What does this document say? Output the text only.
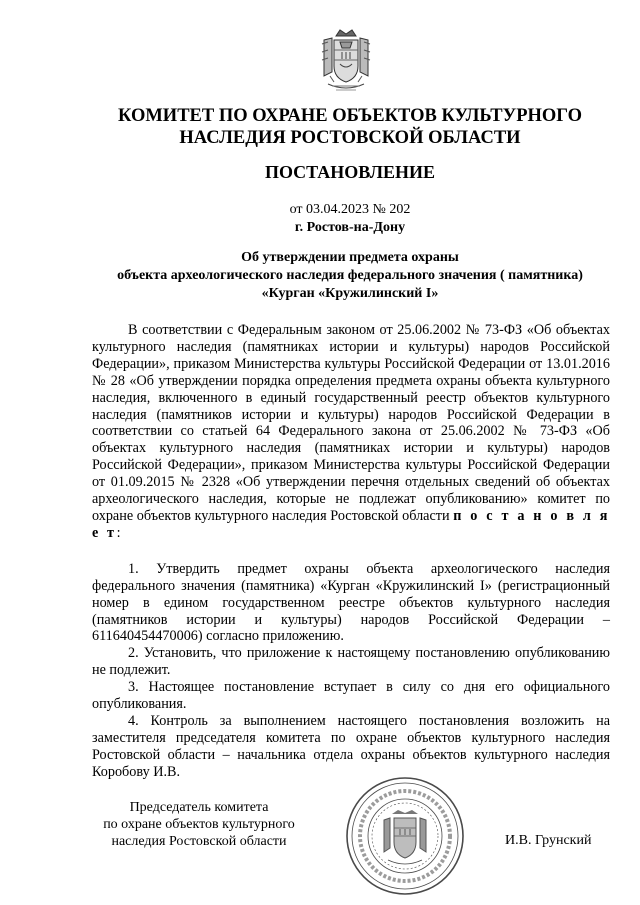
КОМИТЕТ ПО ОХРАНЕ ОБЪЕКТОВ КУЛЬТУРНОГО
НАСЛЕДИЯ РОСТОВСКОЙ ОБЛАСТИ
ПОСТАНОВЛЕНИЕ
от 03.04.2023 № 202
г. Ростов-на-Дону
Об утверждении предмета охраны
объекта археологического наследия федерального значения ( памятника)
«Курган «Кружилинский I»

В соответствии с Федеральным законом от 25.06.2002 № 73-ФЗ «Об объектах культурного наследия (памятниках истории и культуры) народов Российской Федерации», приказом Министерства культуры Российской Федерации от 13.01.2016 № 28 «Об утверждении порядка определения предмета охраны объекта культурного наследия, включенного в единый государственный реестр объектов культурного наследия (памятников истории и культуры) народов Российской Федерации в соответствии со статьей 64 Федерального закона от 25.06.2002 № 73-ФЗ «Об объектах культурного наследия (памятниках истории и культуры) народов Российской Федерации», приказом Министерства культуры Российской Федерации от 01.09.2015 № 2328 «Об утверждении перечня отдельных сведений об объектах археологического наследия, которые не подлежат опубликованию» комитет по охране объектов культурного наследия Ростовской области п о с т а н о в л я е т:

1. Утвердить предмет охраны объекта археологического наследия федерального значения (памятника) «Курган «Кружилинский I» (регистрационный номер в едином государственном реестре объектов культурного наследия (памятников истории и культуры) народов Российской Федерации – 611640454470006) согласно приложению.

2. Установить, что приложение к настоящему постановлению опубликованию не подлежит.

3. Настоящее постановление вступает в силу со дня его официального опубликования.

4. Контроль за выполнением настоящего постановления возложить на заместителя председателя комитета по охране объектов культурного наследия Ростовской области – начальника отдела охраны объектов культурного наследия Коробову И.В.

Председатель комитета
по охране объектов культурного
наследия Ростовской области	И.В. Грунский
